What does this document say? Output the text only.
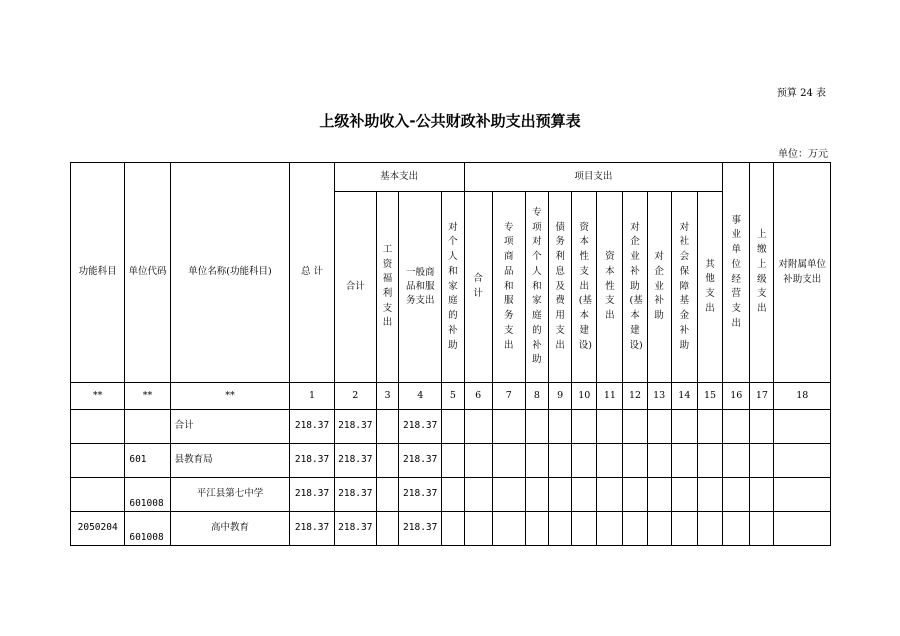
预算 24 表
上级补助收入-公共财政补助支出预算表
单位：万元
功能科目	单位代码	单位名称(功能科目)	总 计	基本支出				项目支出										事业单位经营支出	上缴上级支出	对附属单位补助支出
				合计	工资福利支出	一般商品和服务支出	对个人和家庭的补助	合计	专项商品和服务支出	专项对个人和家庭的补助	债务利息及费用支出	资本性支出(基本建设)	资本性支出	对企业补助(基本建设)	对企业补助	对社会保障基金补助	其他支出			
**	**	**	1	2	3	4	5	6	7	8	9	10	11	12	13	14	15	16	17	18
		合计	218.37	218.37		218.37														
	601	县教育局	218.37	218.37		218.37														
	601008	平江县第七中学	218.37	218.37		218.37														
2050204	601008	高中教育	218.37	218.37		218.37														
